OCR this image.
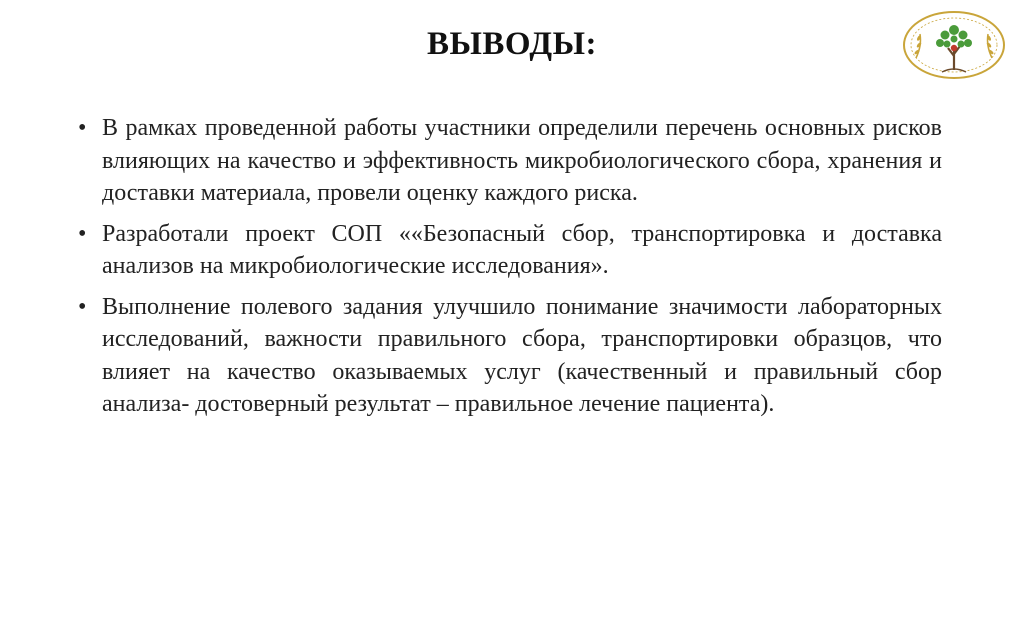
ВЫВОДЫ:
• В рамках проведенной работы участники определили перечень основных рисков влияющих на качество и эффективность микробиологического сбора, хранения и доставки материала, провели оценку каждого риска.
• Разработали проект СОП ««Безопасный сбор, транспортировка и доставка анализов на микробиологические исследования».
• Выполнение полевого задания улучшило понимание значимости лабораторных исследований, важности правильного сбора, транспортировки образцов, что влияет на качество оказываемых услуг (качественный и правильный сбор анализа- достоверный результат – правильное лечение пациента).
